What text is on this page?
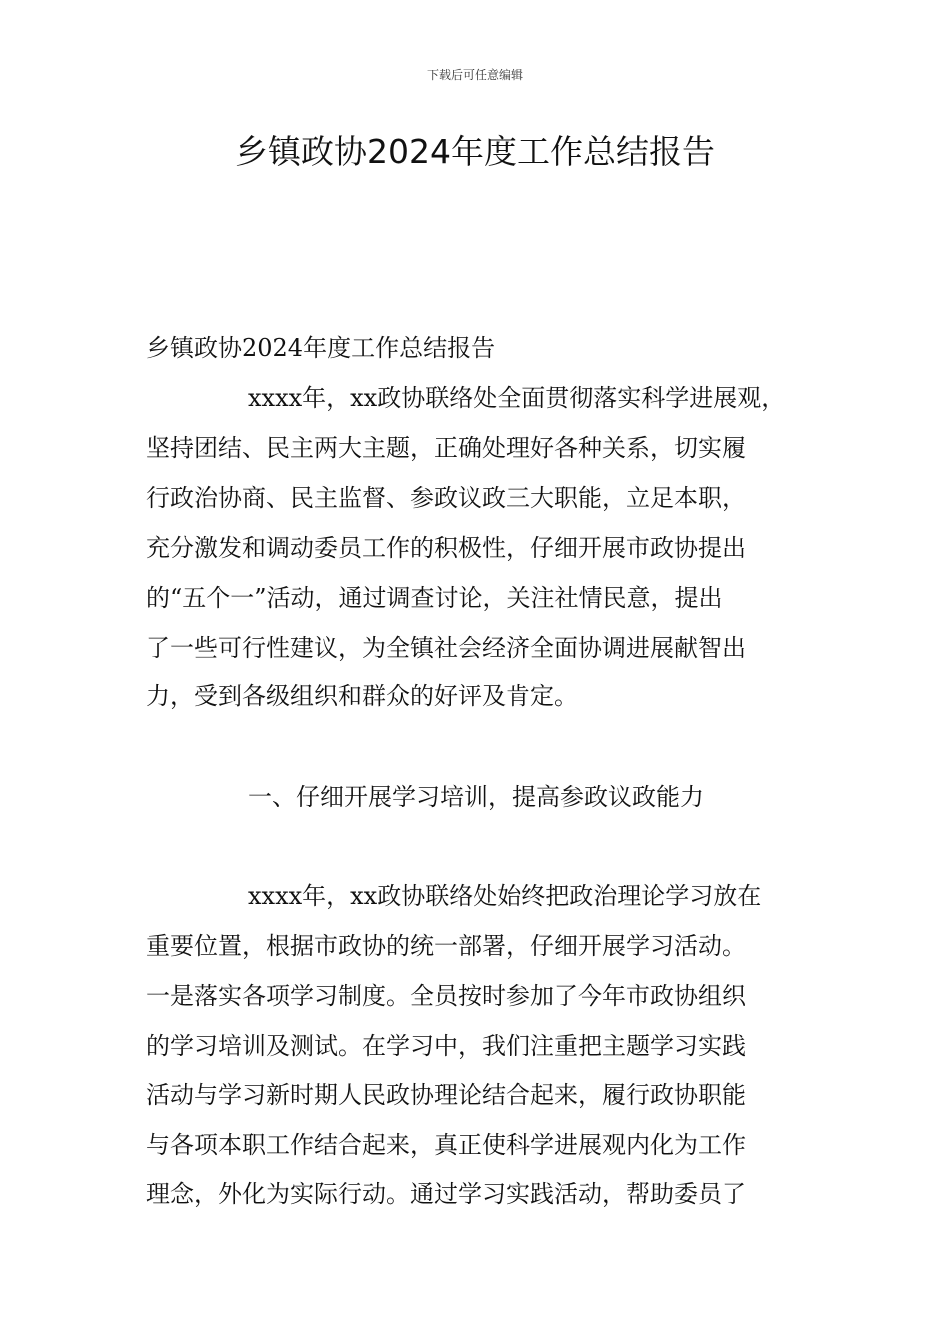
下载后可任意编辑
乡镇政协2024年度工作总结报告
乡镇政协2024年度工作总结报告
xxxx年，xx政协联络处全面贯彻落实科学进展观，
坚持团结、民主两大主题，正确处理好各种关系，切实履
行政治协商、民主监督、参政议政三大职能，立足本职，
充分激发和调动委员工作的积极性，仔细开展市政协提出
的“五个一”活动，通过调查讨论，关注社情民意，提出
了一些可行性建议，为全镇社会经济全面协调进展献智出
力，受到各级组织和群众的好评及肯定。
一、仔细开展学习培训，提高参政议政能力
xxxx年，xx政协联络处始终把政治理论学习放在
重要位置，根据市政协的统一部署，仔细开展学习活动。
一是落实各项学习制度。全员按时参加了今年市政协组织
的学习培训及测试。在学习中，我们注重把主题学习实践
活动与学习新时期人民政协理论结合起来，履行政协职能
与各项本职工作结合起来，真正使科学进展观内化为工作
理念，外化为实际行动。通过学习实践活动，帮助委员了
